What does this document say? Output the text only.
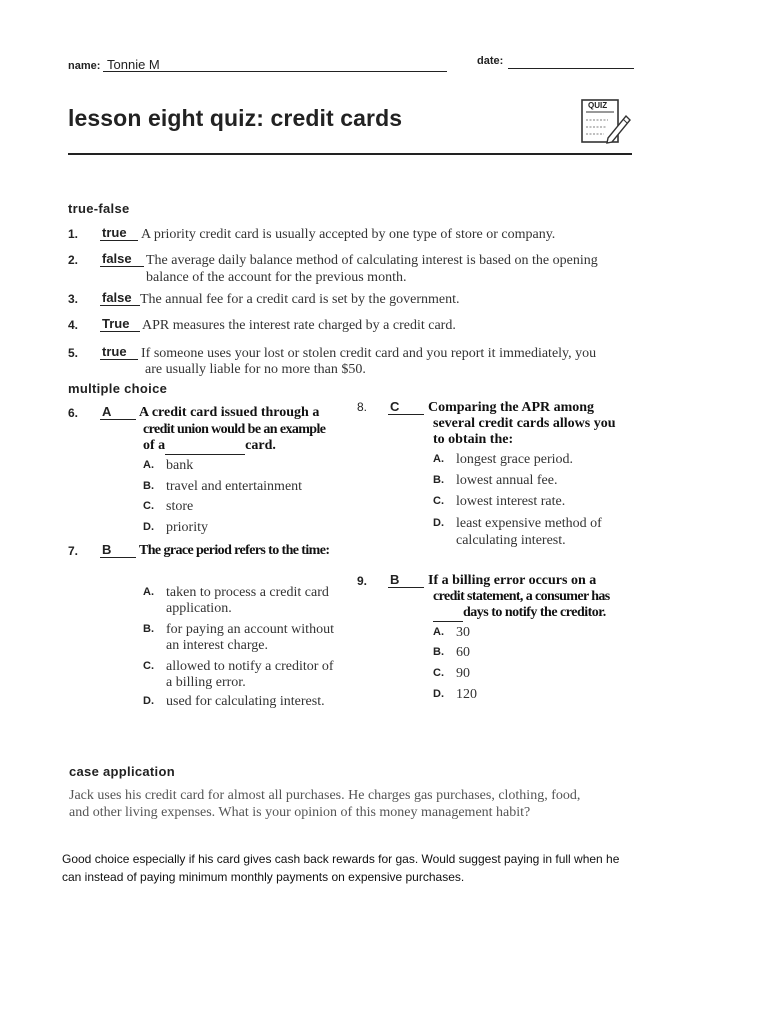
name: Tonnie M	date:
lesson eight quiz: credit cards	QUIZ
true-false
1. true	A priority credit card is usually accepted by one type of store or company.
2. false	The average daily balance method of calculating interest is based on the opening
balance of the account for the previous month.
3. false The annual fee for a credit card is set by the government.
4. True APR measures the interest rate charged by a credit card.
5. true	If someone uses your lost or stolen credit card and you report it immediately, you
are usually liable for no more than $50.
multiple choice
6. A	A credit card issued through a
credit union would be an example
of a	card.
A. bank
B. travel and entertainment
C. store
D. priority
7. B	The grace period refers to the time:
A. taken to process a credit card
application.
B. for paying an account without
an interest charge.
C. allowed to notify a creditor of
a billing error.
D. used for calculating interest.
8. C	Comparing the APR among
several credit cards allows you
to obtain the:
A. longest grace period.
B. lowest annual fee.
C. lowest interest rate.
D. least expensive method of
calculating interest.
9. B	If a billing error occurs on a
credit statement, a consumer has
days to notify the creditor.
A. 30
B. 60
C. 90
D. 120
case application
Jack uses his credit card for almost all purchases. He charges gas purchases, clothing, food,
and other living expenses. What is your opinion of this money management habit?
Good choice especially if his card gives cash back rewards for gas. Would suggest paying in full when he
can instead of paying minimum monthly payments on expensive purchases.
